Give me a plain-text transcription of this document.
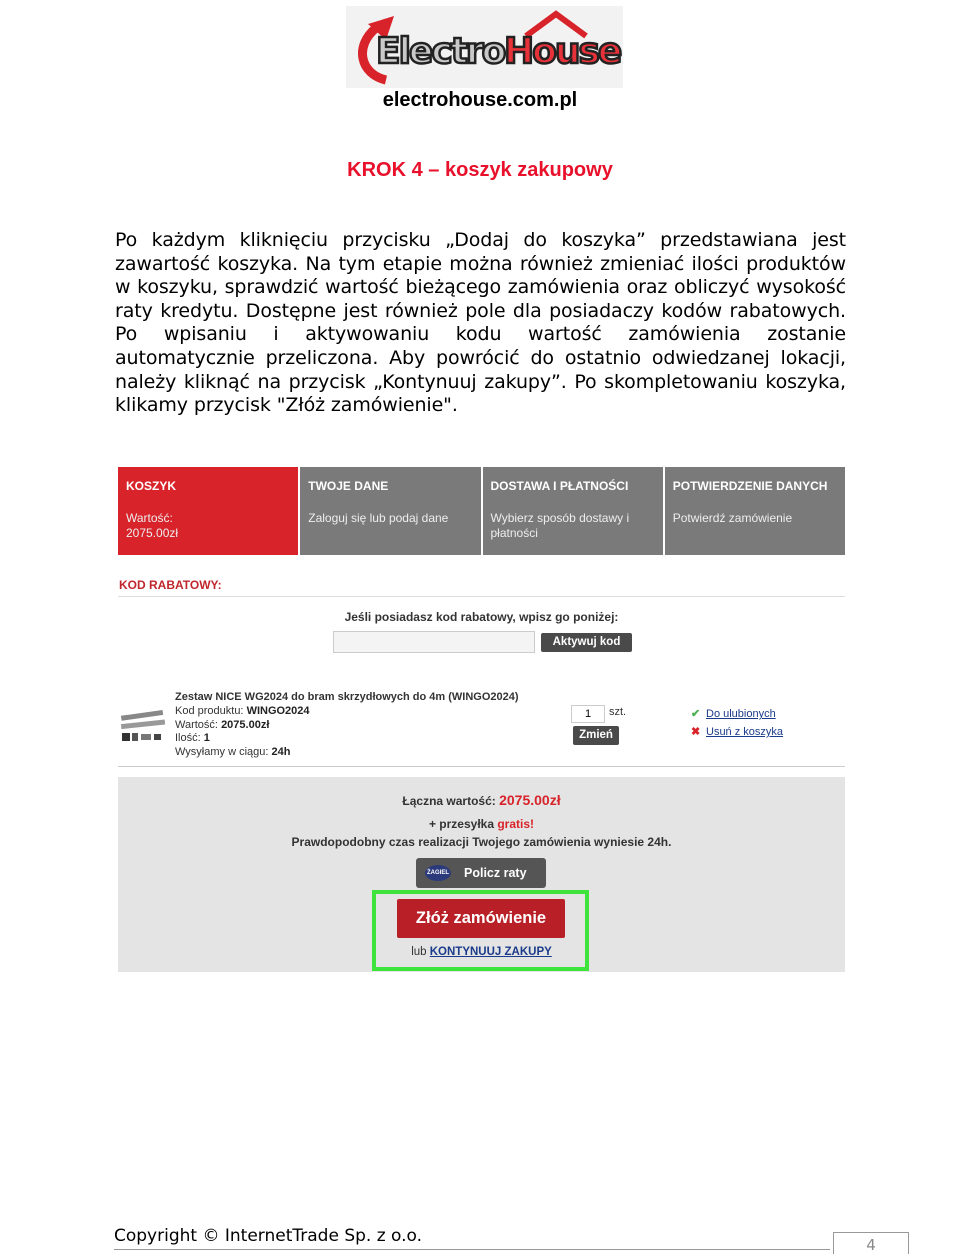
Electro House
electrohouse.com.pl
KROK 4 – koszyk zakupowy
Po każdym kliknięciu przycisku „Dodaj do koszyka” przedstawiana jest zawartość koszyka. Na tym etapie można również zmieniać ilości produktów w koszyku, sprawdzić wartość bieżącego zamówienia oraz obliczyć wysokość raty kredytu. Dostępne jest również pole dla posiadaczy kodów rabatowych. Po wpisaniu i aktywowaniu kodu wartość zamówienia zostanie automatycznie przeliczona. Aby powrócić do ostatnio odwiedzanej lokacji, należy kliknąć na przycisk „Kontynuuj zakupy”. Po skompletowaniu koszyka, klikamy przycisk "Złóż zamówienie".
KOSZYK
Wartość:
2075.00zł
TWOJE DANE
Zaloguj się lub podaj dane
DOSTAWA I PŁATNOŚCI
Wybierz sposób dostawy i płatności
POTWIERDZENIE DANYCH
Potwierdź zamówienie
KOD RABATOWY:
Jeśli posiadasz kod rabatowy, wpisz go poniżej:
Aktywuj kod
Zestaw NICE WG2024 do bram skrzydłowych do 4m (WINGO2024)
Kod produktu: WINGO2024
Wartość: 2075.00zł
Ilość: 1
Wysyłamy w ciągu: 24h
1	szt.
Zmień
✔ Do ulubionych
✖ Usuń z koszyka
Łączna wartość: 2075.00zł
+ przesyłka gratis!
Prawdopodobny czas realizacji Twojego zamówienia wyniesie 24h.
ŻAGIEL Policz raty
Złóż zamówienie
lub KONTYNUUJ ZAKUPY
Copyright © InternetTrade Sp. z o.o.	4
